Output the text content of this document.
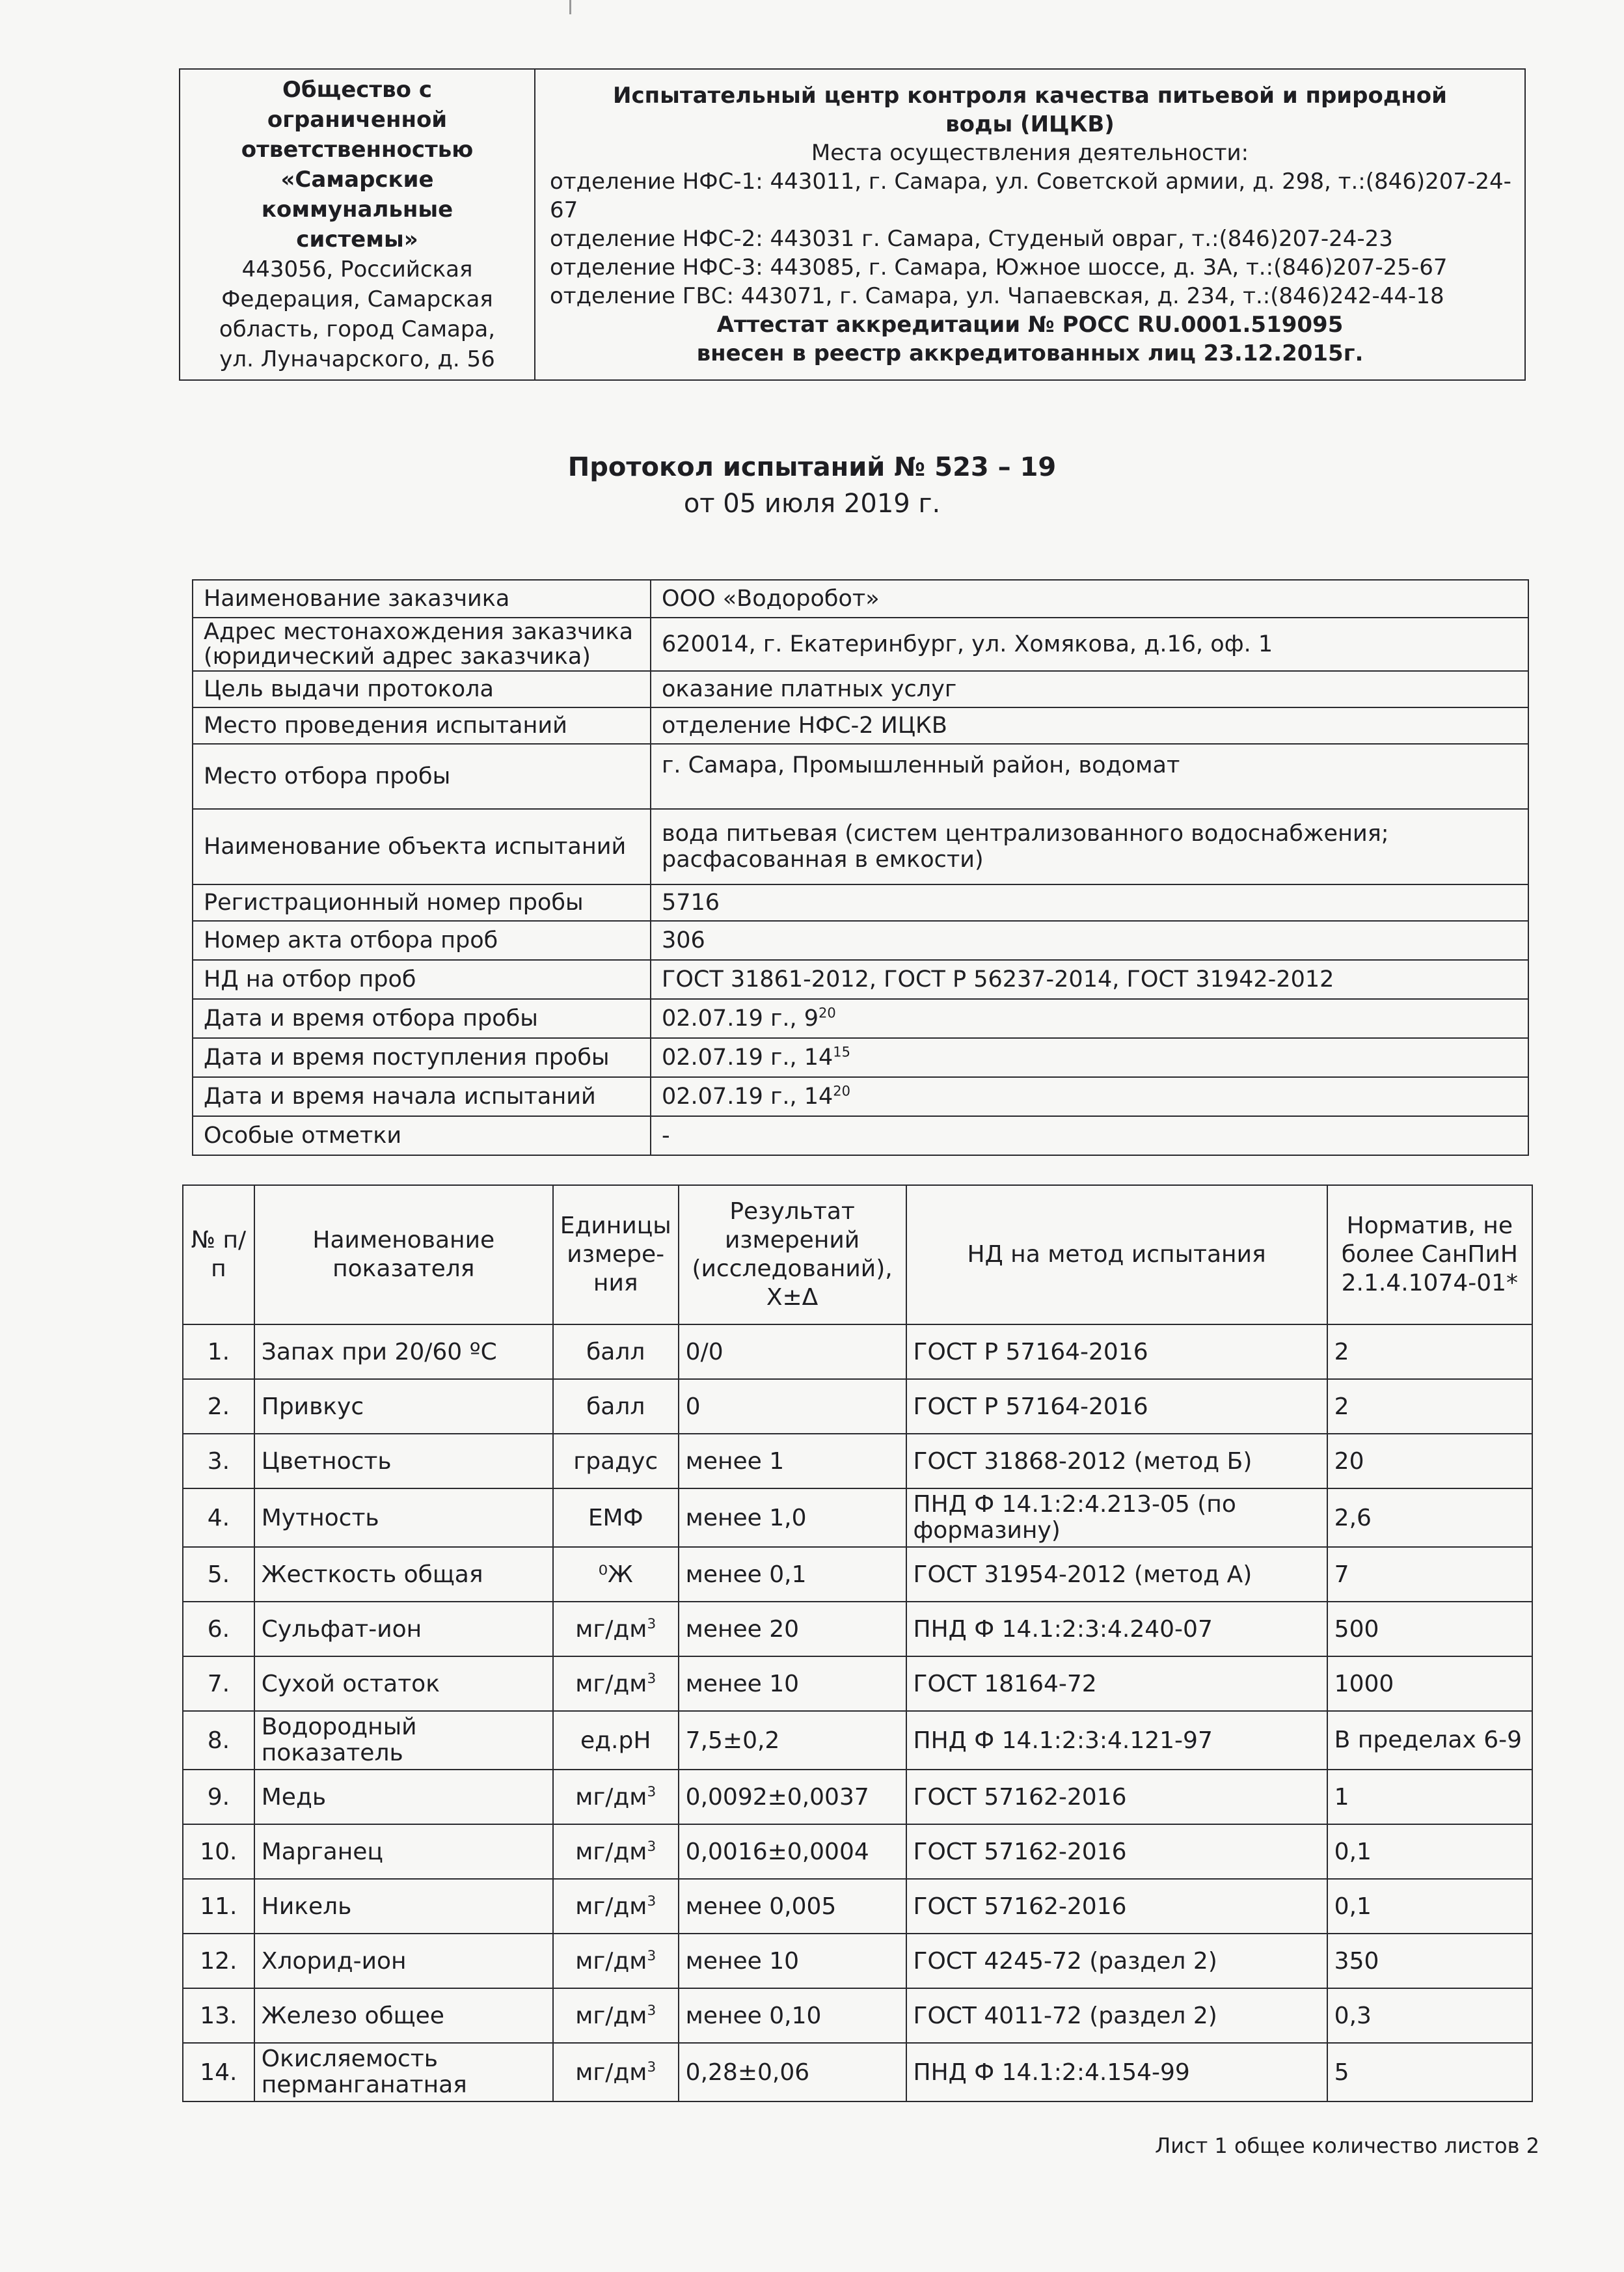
Общество с
ограниченной
ответственностью
«Самарские
коммунальные
системы»
443056, Российская
Федерация, Самарская
область, город Самара,
ул. Луначарского, д. 56

Испытательный центр контроля качества питьевой и природной
воды (ИЦКВ)
Места осуществления деятельности:
отделение НФС-1: 443011, г. Самара, ул. Советской армии, д. 298, т.:(846)207-24-67
отделение НФС-2: 443031 г. Самара, Студеный овраг, т.:(846)207-24-23
отделение НФС-3: 443085, г. Самара, Южное шоссе, д. 3А, т.:(846)207-25-67
отделение ГВС: 443071, г. Самара, ул. Чапаевская, д. 234, т.:(846)242-44-18
Аттестат аккредитации № РОСС RU.0001.519095
внесен в реестр аккредитованных лиц 23.12.2015г.
Протокол испытаний № 523 – 19
от 05 июля 2019 г.
Наименование заказчика	ООО «Водоробот»
Адрес местонахождения заказчика (юридический адрес заказчика)	620014, г. Екатеринбург, ул. Хомякова, д.16, оф. 1
Цель выдачи протокола	оказание платных услуг
Место проведения испытаний	отделение НФС-2 ИЦКВ
Место отбора пробы	г. Самара, Промышленный район, водомат
Наименование объекта испытаний	вода питьевая (систем централизованного водоснабжения; расфасованная в емкости)
Регистрационный номер пробы	5716
Номер акта отбора проб	306
НД на отбор проб	ГОСТ 31861-2012, ГОСТ Р 56237-2014, ГОСТ 31942-2012
Дата и время отбора пробы	02.07.19 г., $9^{20}$
Дата и время поступления пробы	02.07.19 г., $14^{15}$
Дата и время начала испытаний	02.07.19 г., $14^{20}$
Особые отметки	-
№ п/п	Наименование показателя	Единицы измере-ния	Результат измерений (исследований), Х±Δ	НД на метод испытания	Норматив, не более СанПиН 2.1.4.1074-01*
1.	Запах при 20/60 ºС	балл	0/0	ГОСТ Р 57164-2016	2
2.	Привкус	балл	0	ГОСТ Р 57164-2016	2
3.	Цветность	градус	менее 1	ГОСТ 31868-2012 (метод Б)	20
4.	Мутность	ЕМФ	менее 1,0	ПНД Ф 14.1:2:4.213-05 (по формазину)	2,6
5.	Жесткость общая	⁰Ж	менее 0,1	ГОСТ 31954-2012 (метод А)	7
6.	Сульфат-ион	$мг/дм^3$	менее 20	ПНД Ф 14.1:2:3:4.240-07	500
7.	Сухой остаток	$мг/дм^3$	менее 10	ГОСТ 18164-72	1000
8.	Водородный показатель	ед.pH	7,5±0,2	ПНД Ф 14.1:2:3:4.121-97	В пределах 6-9
9.	Медь	$мг/дм^3$	0,0092±0,0037	ГОСТ 57162-2016	1
10.	Марганец	$мг/дм^3$	0,0016±0,0004	ГОСТ 57162-2016	0,1
11.	Никель	$мг/дм^3$	менее 0,005	ГОСТ 57162-2016	0,1
12.	Хлорид-ион	$мг/дм^3$	менее 10	ГОСТ 4245-72 (раздел 2)	350
13.	Железо общее	$мг/дм^3$	менее 0,10	ГОСТ 4011-72 (раздел 2)	0,3
14.	Окисляемость перманганатная	$мг/дм^3$	0,28±0,06	ПНД Ф 14.1:2:4.154-99	5
Лист 1 общее количество листов 2
